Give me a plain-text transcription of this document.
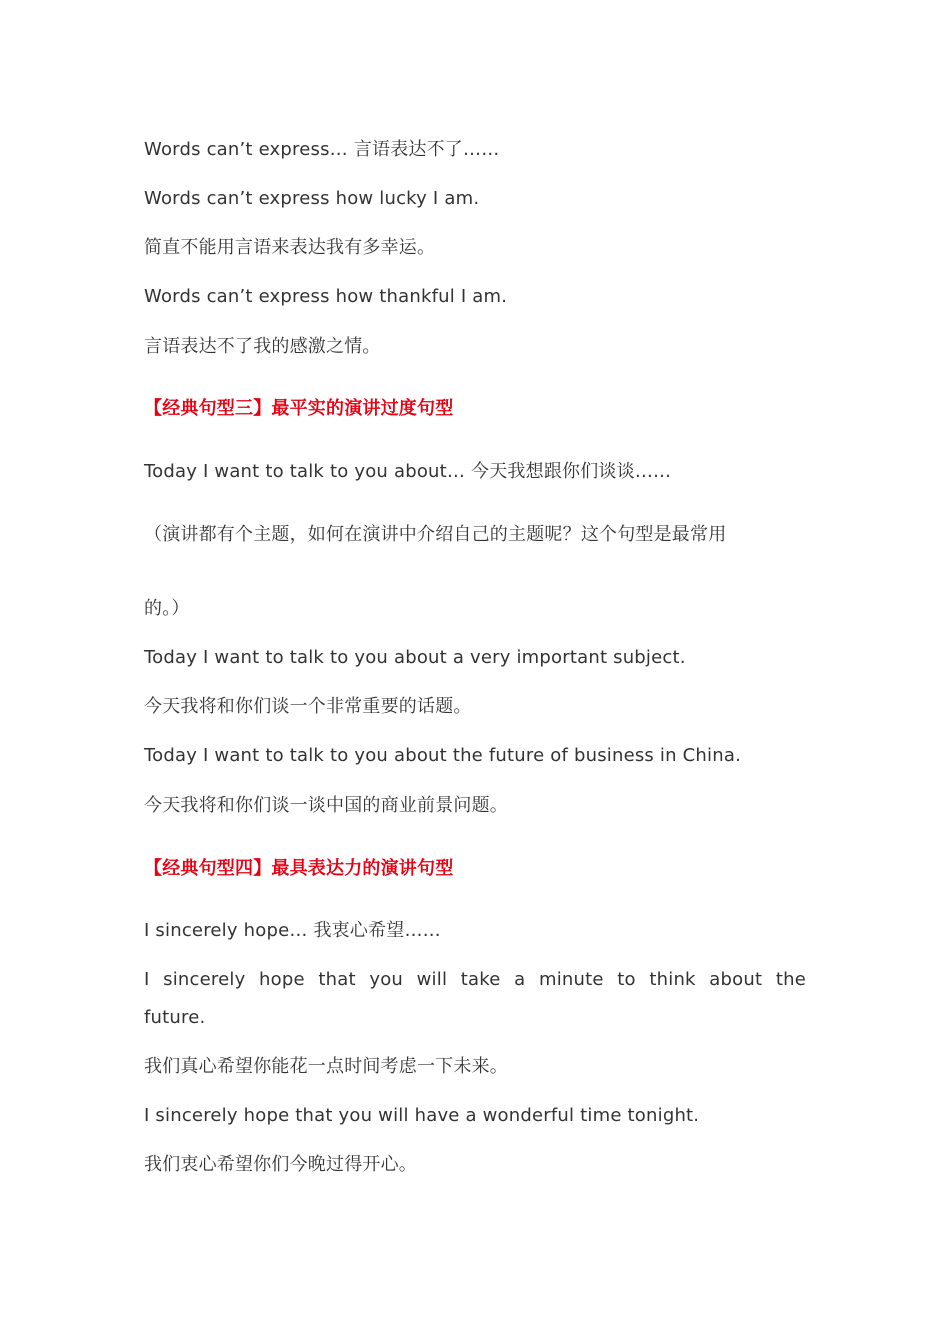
Words can’t express… 言语表达不了……
Words can’t express how lucky I am.
简直不能用言语来表达我有多幸运。
Words can’t express how thankful I am.
言语表达不了我的感激之情。
【经典句型三】最平实的演讲过度句型
Today I want to talk to you about… 今天我想跟你们谈谈……
（演讲都有个主题，如何在演讲中介绍自己的主题呢？这个句型是最常用
的。）
Today I want to talk to you about a very important subject.
今天我将和你们谈一个非常重要的话题。
Today I want to talk to you about the future of business in China.
今天我将和你们谈一谈中国的商业前景问题。
【经典句型四】最具表达力的演讲句型
I sincerely hope… 我衷心希望……
I sincerely hope that you will take a minute to think about the
future.
我们真心希望你能花一点时间考虑一下未来。
I sincerely hope that you will have a wonderful time tonight.
我们衷心希望你们今晚过得开心。
